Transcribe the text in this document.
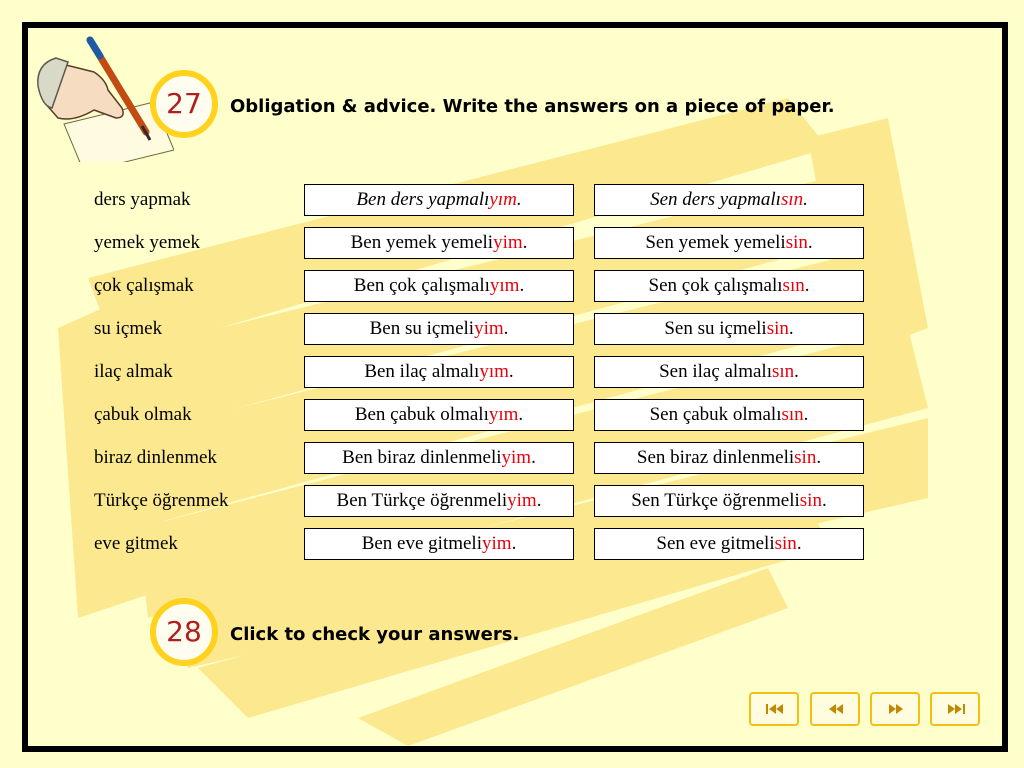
27	Obligation & advice. Write the answers on a piece of paper.
ders yapmak	Ben ders yapmalıyım.	Sen ders yapmalısın.
yemek yemek	Ben yemek yemeliyim.	Sen yemek yemelisin.
çok çalışmak	Ben çok çalışmalıyım.	Sen çok çalışmalısın.
su içmek	Ben su içmeliyim.	Sen su içmelisin.
ilaç almak	Ben ilaç almalıyım.	Sen ilaç almalısın.
çabuk olmak	Ben çabuk olmalıyım.	Sen çabuk olmalısın.
biraz dinlenmek	Ben biraz dinlenmeliyim.	Sen biraz dinlenmelisin.
Türkçe öğrenmek	Ben Türkçe öğrenmeliyim.	Sen Türkçe öğrenmelisin.
eve gitmek	Ben eve gitmeliyim.	Sen eve gitmelisin.
28	Click to check your answers.
